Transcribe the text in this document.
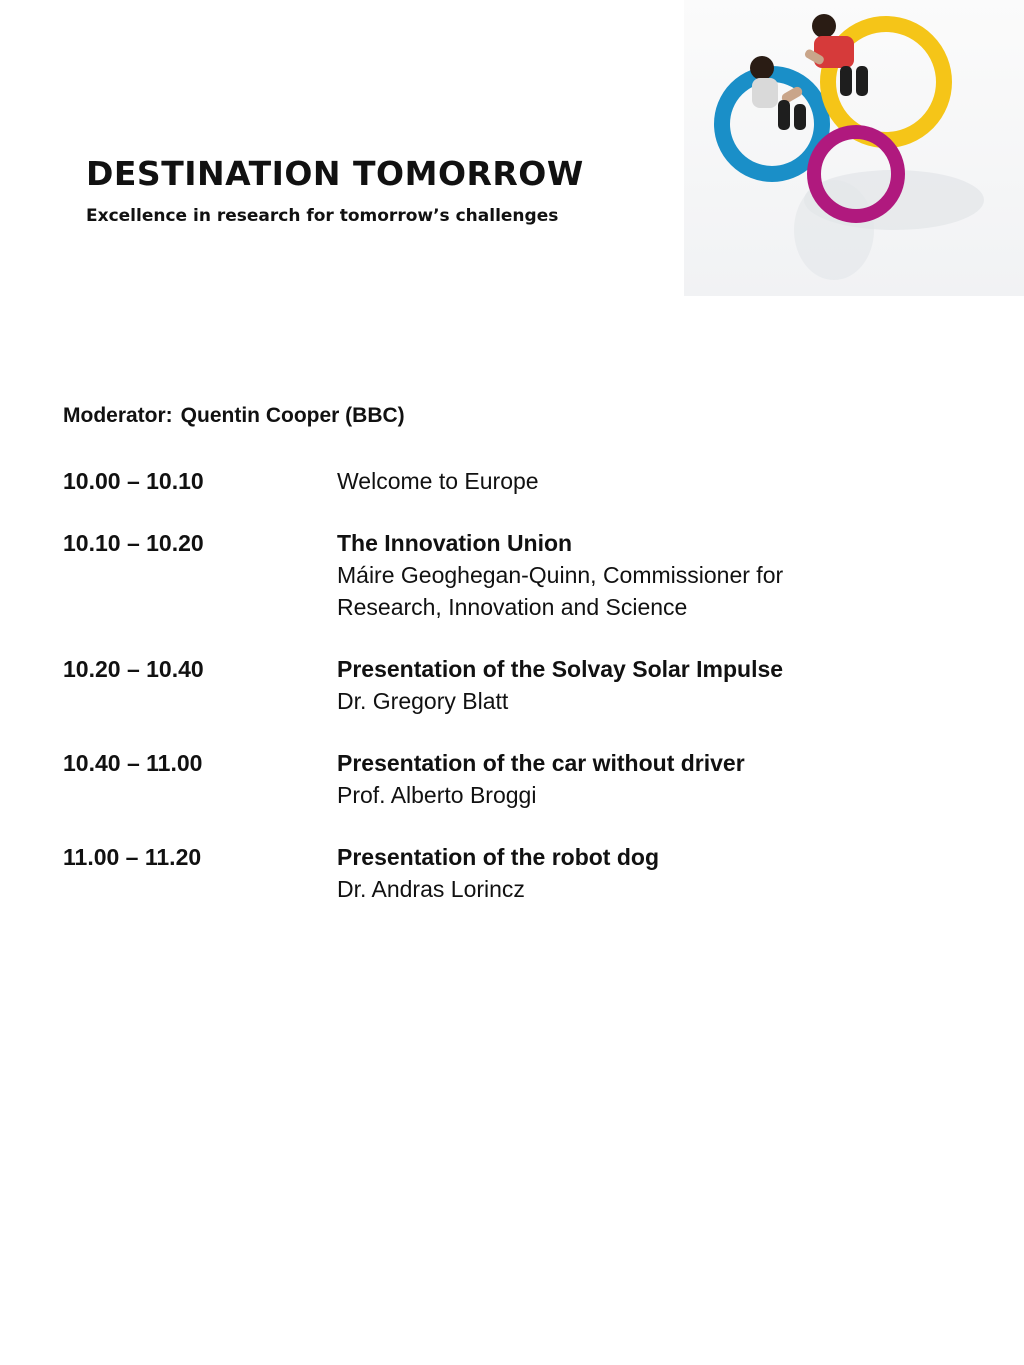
DESTINATION TOMORROW

Excellence in research for tomorrow’s challenges

Moderator: Quentin Cooper (BBC)

10.00 – 10.10	Welcome to Europe
10.10 – 10.20	The Innovation Union
Máire Geoghegan-Quinn, Commissioner for Research, Innovation and Science
10.20 – 10.40	Presentation of the Solvay Solar Impulse
Dr. Gregory Blatt
10.40 – 11.00	Presentation of the car without driver
Prof. Alberto Broggi
11.00 – 11.20	Presentation of the robot dog
Dr. Andras Lorincz
